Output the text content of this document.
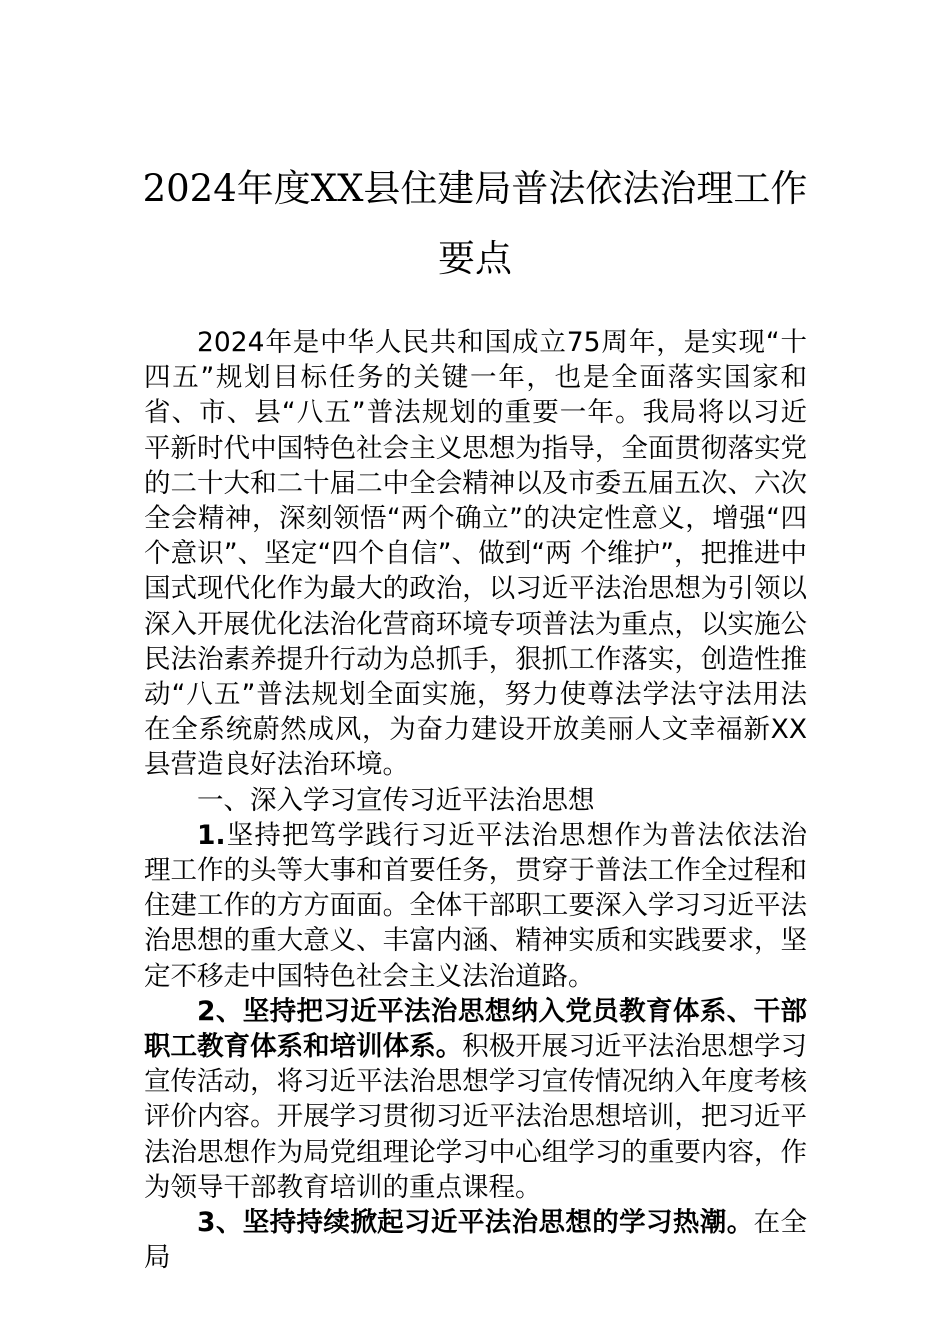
2024年度XX县住建局普法依法治理工作
要点

2024年是中华人民共和国成立75周年，是实现“十四五”规划目标任务的关键一年，也是全面落实国家和省、市、县“八五”普法规划的重要一年。我局将以习近平新时代中国特色社会主义思想为指导，全面贯彻落实党的二十大和二十届二中全会精神以及市委五届五次、六次全会精神，深刻领悟“两个确立”的决定性意义，增强“四个意识”、坚定“四个自信”、做到“两 个维护”，把推进中国式现代化作为最大的政治，以习近平法治思想为引领以深入开展优化法治化营商环境专项普法为重点，以实施公民法治素养提升行动为总抓手，狠抓工作落实，创造性推动“八五”普法规划全面实施，努力使尊法学法守法用法在全系统蔚然成风，为奋力建设开放美丽人文幸福新XX县营造良好法治环境。

一、深入学习宣传习近平法治思想

1.坚持把笃学践行习近平法治思想作为普法依法治理工作的头等大事和首要任务，贯穿于普法工作全过程和住建工作的方方面面。全体干部职工要深入学习习近平法治思想的重大意义、丰富内涵、精神实质和实践要求，坚定不移走中国特色社会主义法治道路。

2、坚持把习近平法治思想纳入党员教育体系、干部职工教育体系和培训体系。积极开展习近平法治思想学习宣传活动，将习近平法治思想学习宣传情况纳入年度考核评价内容。开展学习贯彻习近平法治思想培训，把习近平法治思想作为局党组理论学习中心组学习的重要内容，作为领导干部教育培训的重点课程。

3、坚持持续掀起习近平法治思想的学习热潮。在全局
